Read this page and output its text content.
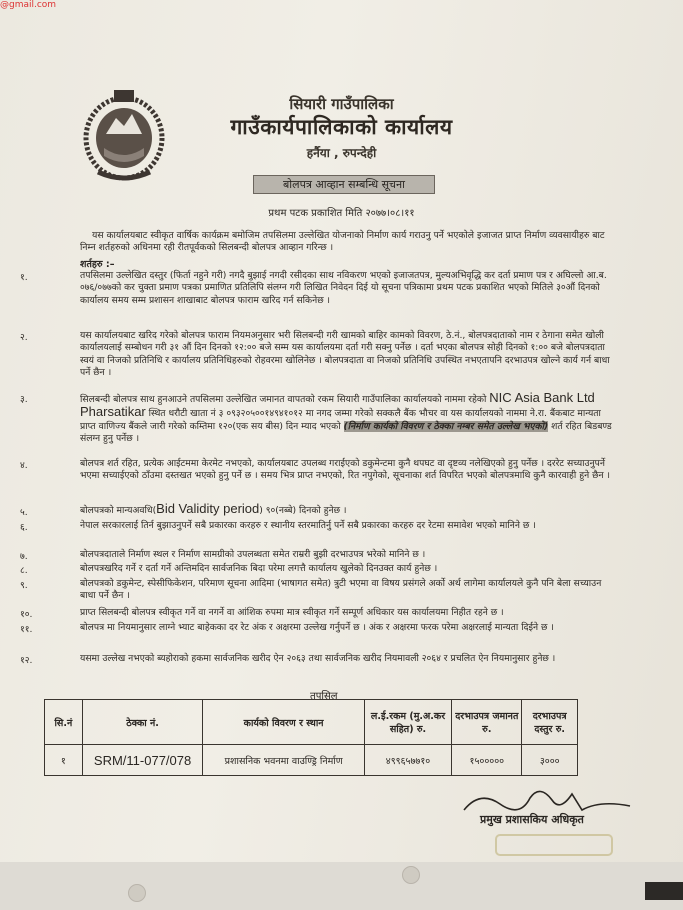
@gmail.com
सियारी गाउँपालिका
गाउँकार्यपालिकाको कार्यालय
हर्नैया , रुपन्देही
बोलपत्र आव्हान सम्बन्धि सूचना
प्रथम पटक प्रकाशित मिति २०७७।०८।११
यस कार्यालयबाट स्वीकृत वार्षिक कार्यक्रम बमोजिम तपसिलमा उल्लेखित योजनाको निर्माण कार्य गराउनु पर्ने भएकोले इजाजत प्राप्त निर्माण व्यवसायीहरु बाट निम्न शर्तहरुको अधिनमा रही रीतपूर्वकको सिलबन्दी बोलपत्र आव्हान गरिन्छ ।
शर्तहरु :–
१.	तपसिलमा उल्लेखित दस्तुर (फिर्ता नहुने गरी) नगदै बुझाई नगदी रसीदका साथ नविकरण भएको इजाजतपत्र, मुल्यअभिवृद्धि कर दर्ता प्रमाण पत्र र अघिल्लो आ.ब. ०७६/०७७को कर चुक्ता प्रमाण पत्रका प्रमाणित प्रतिलिपि संलग्न गरी लिखित निवेदन दिई यो सूचना पत्रिकामा प्रथम पटक प्रकाशित भएको मितिले ३०औं दिनको कार्यालय समय सम्म प्रशासन शाखाबाट बोलपत्र फाराम खरिद गर्न सकिनेछ ।
२.	यस कार्यालयबाट खरिद गरेको बोलपत्र फाराम नियमअनुसार भरी सिलबन्दी गरी खामको बाहिर कामको विवरण, ठे.नं., बोलपत्रदाताको नाम र ठेगाना समेत खोली कार्यालयलाई सम्बोधन गरी ३१ औं दिन दिनको १२:०० बजे सम्म यस कार्यालयमा दर्ता गरी सक्नु पर्नेछ । दर्ता भएका बोलपत्र सोही दिनको १:०० बजे बोलपत्रदाता स्वयं वा निजको प्रतिनिधि र कार्यालय प्रतिनिधिहरुको रोहवरमा खोलिनेछ । बोलपत्रदाता वा निजको प्रतिनिधि उपस्थित नभएतापनि दरभाउपत्र खोल्ने कार्य गर्न बाधा पर्ने छैन ।
३.	सिलबन्दी बोलपत्र साथ हुनआउने तपसिलमा उल्लेखित जमानत वापतको रकम सियारी गाउँपालिका कार्यालयको नाममा रहेको NIC Asia Bank Ltd Pharsatikar स्थित धरौटी खाता नं ३ ०९३२०५००१४९४१०१२ मा नगद जम्मा गरेको सक्कलै बैंक भौचर वा यस कार्यालयको नाममा ने.रा. बैंकबाट मान्यता प्राप्त वाणिज्य बैंकले जारी गरेको कम्तिमा १२०(एक सय बीस) दिन म्याद भएको (निर्माण कार्यको विवरण र ठेक्का नम्बर समेत उल्लेख भएको) शर्त रहित बिडबण्ड संलग्न हुनु पर्नेछ ।
४.	बोलपत्र शर्त रहित, प्रत्येक आईटममा केरमेट नभएको, कार्यालयबाट उपलब्ध गराईएको डकुमेन्टमा कुनै थपघट वा दृष्टव्य नलेखिएको हुनु पर्नेछ । दररेट सच्याउनुपर्ने भएमा सच्याईएको ठाँउमा दस्तखत भएको हुनु पर्ने छ । समय भित्र प्राप्त नभएको, रित नपुगेको, सूचनाका शर्त विपरित भएको बोलपत्रमाथि कुनै कारवाही हुने छैन ।
५.	बोलपत्रको मान्यअवधि(Bid Validity period) ९०(नब्बे) दिनको हुनेछ ।
६.	नेपाल सरकारलाई तिर्न बुझाउनुपर्ने सबै प्रकारका करहरु र स्थानीय स्तरमातिर्नु पर्ने सबै प्रकारका करहरु दर रेटमा समावेश भएको मानिने छ ।
७.	बोलपत्रदाताले निर्माण स्थल र निर्माण सामग्रीको उपलब्धता समेत राम्ररी बुझी दरभाउपत्र भरेको मानिने छ ।
८.	बोलपत्रखरिद गर्ने र दर्ता गर्ने अन्तिमदिन सार्वजनिक बिदा परेमा लगत्तै कार्यालय खुलेको दिनउक्त कार्य हुनेछ ।
९.	बोलपत्रको डकुमेन्ट, स्पेसीफिकेशन, परिमाण सूचना आदिमा (भाषागत समेत) त्रुटी भएमा वा विषय प्रसंगले अर्को अर्थ लागेमा कार्यालयले कुनै पनि बेला सच्याउन बाधा पर्ने छैन ।
१०.	प्राप्त सिलबन्दी बोलपत्र स्वीकृत गर्ने वा नगर्ने वा आंशिक रुपमा मात्र स्वीकृत गर्ने सम्पूर्ण अधिकार यस कार्यालयमा निहीत रहने छ ।
११.	बोलपत्र मा नियमानुसार लाग्ने भ्याट बाहेकका दर रेट अंक र अक्षरमा उल्लेख गर्नुपर्ने छ । अंक र अक्षरमा फरक परेमा अक्षरलाई मान्यता दिईने छ ।
१२.	यसमा उल्लेख नभएको ब्यहोराको हकमा सार्वजनिक खरीद ऐन २०६३ तथा सार्वजनिक खरीद नियमावली २०६४ र प्रचलित ऐन नियमानुसार हुनेछ ।
तपसिल
सि.नं	ठेक्का नं.	कार्यको विवरण र स्थान	ल.ई.रकम (मु.अ.कर सहित) रु.	दरभाउपत्र जमानत रु.	दरभाउपत्र दस्तुर रु.
१	SRM/11-077/078	प्रशासनिक भवनमा वाउण्ड्रि निर्माण	४९९६५७७१०	१५०००००	३०००
प्रमुख प्रशासकिय अधिकृत
